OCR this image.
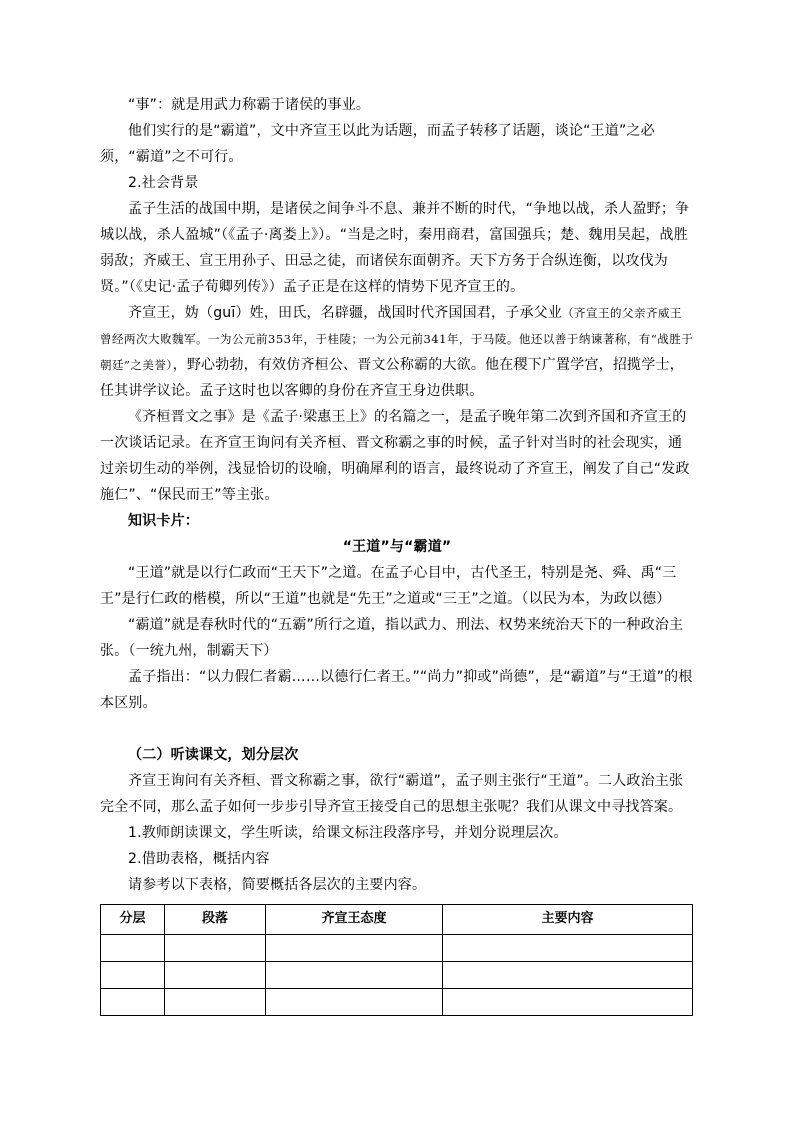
“事”：就是用武力称霸于诸侯的事业。

他们实行的是“霸道”，文中齐宣王以此为话题，而孟子转移了话题，谈论“王道”之必须，“霸道”之不可行。

2.社会背景

孟子生活的战国中期，是诸侯之间争斗不息、兼并不断的时代，“争地以战，杀人盈野；争城以战，杀人盈城”（《孟子·离娄上》）。“当是之时，秦用商君，富国强兵；楚、魏用吴起，战胜弱敌；齐威王、宣王用孙子、田忌之徒，而诸侯东面朝齐。天下方务于合纵连衡，以攻伐为贤。”（《史记·孟子荀卿列传》）孟子正是在这样的情势下见齐宣王的。

齐宣王，妫（guī）姓，田氏，名辟疆，战国时代齐国国君，子承父业（齐宣王的父亲齐威王曾经两次大败魏军。一为公元前353年，于桂陵；一为公元前341年，于马陵。他还以善于纳谏著称，有“战胜于朝廷”之美誉），野心勃勃，有效仿齐桓公、晋文公称霸的大欲。他在稷下广置学宫，招揽学士，任其讲学议论。孟子这时也以客卿的身份在齐宣王身边供职。

《齐桓晋文之事》是《孟子·梁惠王上》的名篇之一，是孟子晚年第二次到齐国和齐宣王的一次谈话记录。在齐宣王询问有关齐桓、晋文称霸之事的时候，孟子针对当时的社会现实，通过亲切生动的举例，浅显恰切的设喻，明确犀利的语言，最终说动了齐宣王，阐发了自己“发政施仁”、“保民而王”等主张。

知识卡片：

“王道”与“霸道”

“王道”就是以行仁政而“王天下”之道。在孟子心目中，古代圣王，特别是尧、舜、禹“三王”是行仁政的楷模，所以“王道”也就是“先王”之道或“三王”之道。（以民为本，为政以德）

“霸道”就是春秋时代的“五霸”所行之道，指以武力、刑法、权势来统治天下的一种政治主张。（一统九州，制霸天下）

孟子指出：“以力假仁者霸……以德行仁者王。”“尚力”抑或”尚德”，是“霸道”与“王道”的根本区别。

（二）听读课文，划分层次

齐宣王询问有关齐桓、晋文称霸之事，欲行“霸道”，孟子则主张行“王道”。二人政治主张完全不同，那么孟子如何一步步引导齐宣王接受自己的思想主张呢？我们从课文中寻找答案。

1.教师朗读课文，学生听读，给课文标注段落序号，并划分说理层次。

2.借助表格，概括内容

请参考以下表格，简要概括各层次的主要内容。

分层	段落	齐宣王态度	主要内容
